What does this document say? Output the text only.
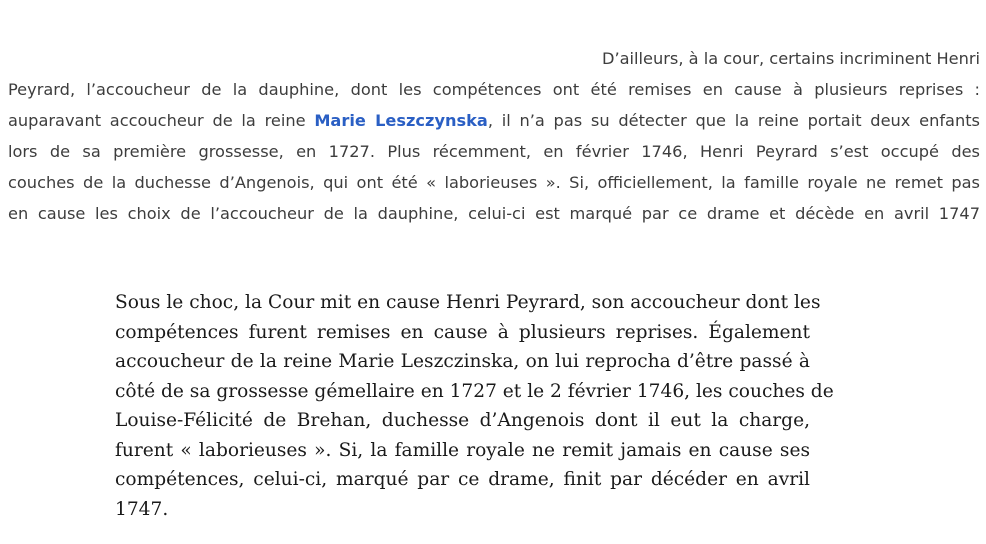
D’ailleurs, à la cour, certains incriminent Henri
Peyrard, l’accoucheur de la dauphine, dont les compétences ont été remises en cause à plusieurs reprises :
auparavant accoucheur de la reine Marie Leszczynska, il n’a pas su détecter que la reine portait deux enfants
lors de sa première grossesse, en 1727. Plus récemment, en février 1746, Henri Peyrard s’est occupé des
couches de la duchesse d’Angenois, qui ont été « laborieuses ». Si, officiellement, la famille royale ne remet pas
en cause les choix de l’accoucheur de la dauphine, celui-ci est marqué par ce drame et décède en avril 1747
Sous le choc, la Cour mit en cause Henri Peyrard, son accoucheur dont les
compétences furent remises en cause à plusieurs reprises. Également
accoucheur de la reine Marie Leszczinska, on lui reprocha d’être passé à
côté de sa grossesse gémellaire en 1727 et le 2 février 1746, les couches de
Louise-Félicité de Brehan, duchesse d’Angenois dont il eut la charge,
furent « laborieuses ». Si, la famille royale ne remit jamais en cause ses
compétences, celui-ci, marqué par ce drame, finit par décéder en avril
1747.
